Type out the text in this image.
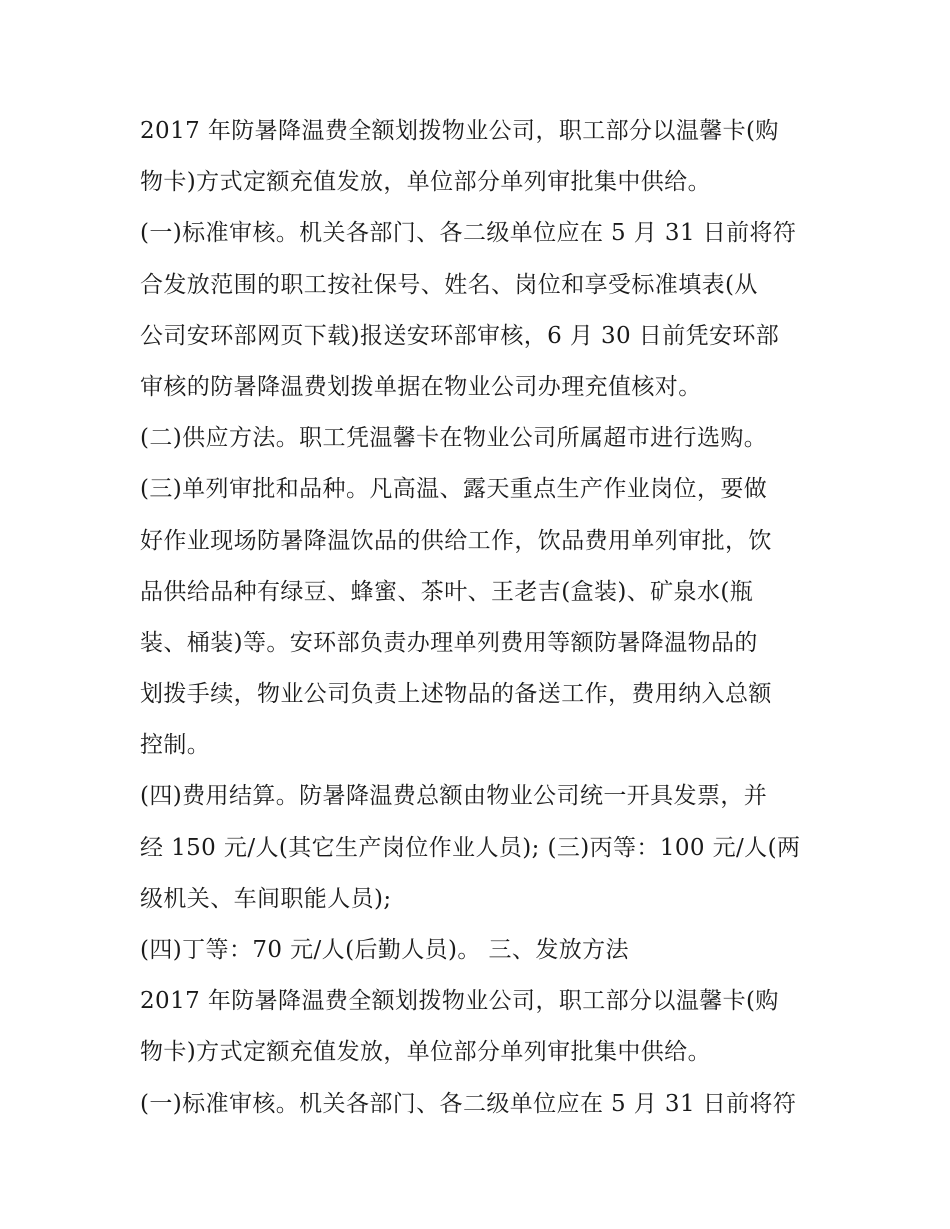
2017 年防暑降温费全额划拨物业公司，职工部分以温馨卡(购
物卡)方式定额充值发放，单位部分单列审批集中供给。
(一)标准审核。机关各部门、各二级单位应在 5 月 31 日前将符
合发放范围的职工按社保号、姓名、岗位和享受标准填表(从
公司安环部网页下载)报送安环部审核，6 月 30 日前凭安环部
审核的防暑降温费划拨单据在物业公司办理充值核对。
(二)供应方法。职工凭温馨卡在物业公司所属超市进行选购。
(三)单列审批和品种。凡高温、露天重点生产作业岗位，要做
好作业现场防暑降温饮品的供给工作，饮品费用单列审批，饮
品供给品种有绿豆、蜂蜜、茶叶、王老吉(盒装)、矿泉水(瓶
装、桶装)等。安环部负责办理单列费用等额防暑降温物品的
划拨手续，物业公司负责上述物品的备送工作，费用纳入总额
控制。
(四)费用结算。防暑降温费总额由物业公司统一开具发票，并
经 150 元/人(其它生产岗位作业人员); (三)丙等：100 元/人(两
级机关、车间职能人员);
(四)丁等：70 元/人(后勤人员)。 三、发放方法
2017 年防暑降温费全额划拨物业公司，职工部分以温馨卡(购
物卡)方式定额充值发放，单位部分单列审批集中供给。
(一)标准审核。机关各部门、各二级单位应在 5 月 31 日前将符
